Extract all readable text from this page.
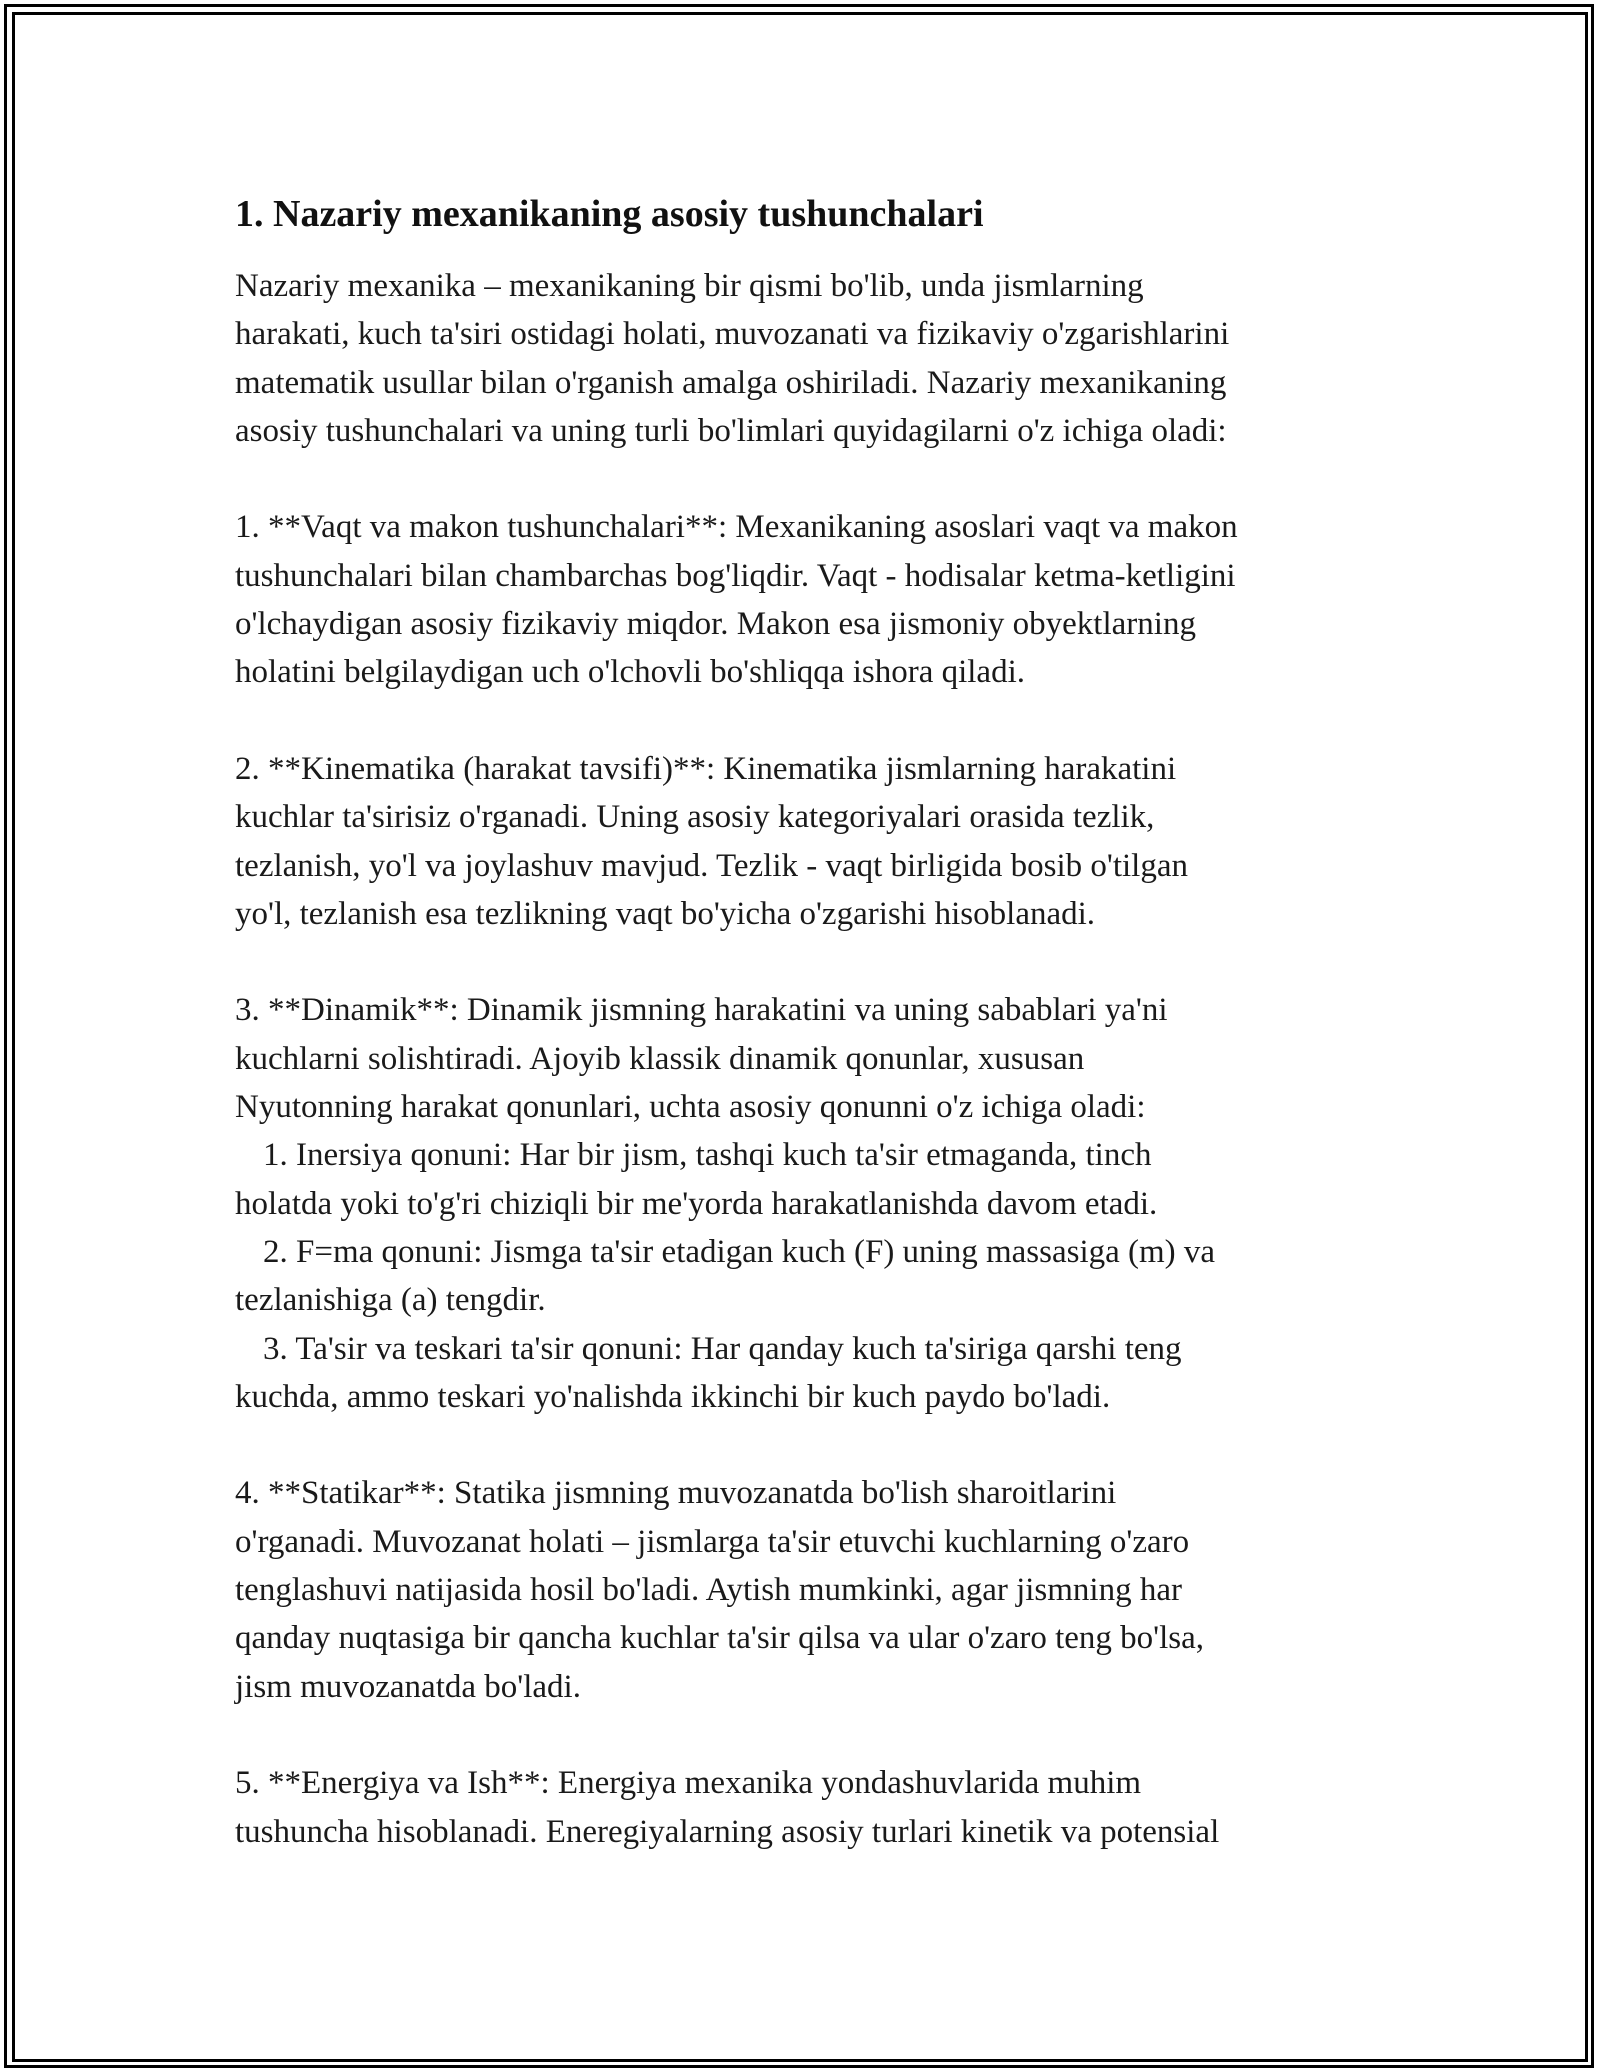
1. Nazariy mexanikaning asosiy tushunchalari
Nazariy mexanika – mexanikaning bir qismi bo'lib, unda jismlarning
harakati, kuch ta'siri ostidagi holati, muvozanati va fizikaviy o'zgarishlarini
matematik usullar bilan o'rganish amalga oshiriladi. Nazariy mexanikaning
asosiy tushunchalari va uning turli bo'limlari quyidagilarni o'z ichiga oladi:
1. **Vaqt va makon tushunchalari**: Mexanikaning asoslari vaqt va makon
tushunchalari bilan chambarchas bog'liqdir. Vaqt - hodisalar ketma-ketligini
o'lchaydigan asosiy fizikaviy miqdor. Makon esa jismoniy obyektlarning
holatini belgilaydigan uch o'lchovli bo'shliqqa ishora qiladi.
2. **Kinematika (harakat tavsifi)**: Kinematika jismlarning harakatini
kuchlar ta'sirisiz o'rganadi. Uning asosiy kategoriyalari orasida tezlik,
tezlanish, yo'l va joylashuv mavjud. Tezlik - vaqt birligida bosib o'tilgan
yo'l, tezlanish esa tezlikning vaqt bo'yicha o'zgarishi hisoblanadi.
3. **Dinamik**: Dinamik jismning harakatini va uning sabablari ya'ni
kuchlarni solishtiradi. Ajoyib klassik dinamik qonunlar, xususan
Nyutonning harakat qonunlari, uchta asosiy qonunni o'z ichiga oladi:
1. Inersiya qonuni: Har bir jism, tashqi kuch ta'sir etmaganda, tinch
holatda yoki to'g'ri chiziqli bir me'yorda harakatlanishda davom etadi.
2. F=ma qonuni: Jismga ta'sir etadigan kuch (F) uning massasiga (m) va
tezlanishiga (a) tengdir.
3. Ta'sir va teskari ta'sir qonuni: Har qanday kuch ta'siriga qarshi teng
kuchda, ammo teskari yo'nalishda ikkinchi bir kuch paydo bo'ladi.
4. **Statikar**: Statika jismning muvozanatda bo'lish sharoitlarini
o'rganadi. Muvozanat holati – jismlarga ta'sir etuvchi kuchlarning o'zaro
tenglashuvi natijasida hosil bo'ladi. Aytish mumkinki, agar jismning har
qanday nuqtasiga bir qancha kuchlar ta'sir qilsa va ular o'zaro teng bo'lsa,
jism muvozanatda bo'ladi.
5. **Energiya va Ish**: Energiya mexanika yondashuvlarida muhim
tushuncha hisoblanadi. Eneregiyalarning asosiy turlari kinetik va potensial
